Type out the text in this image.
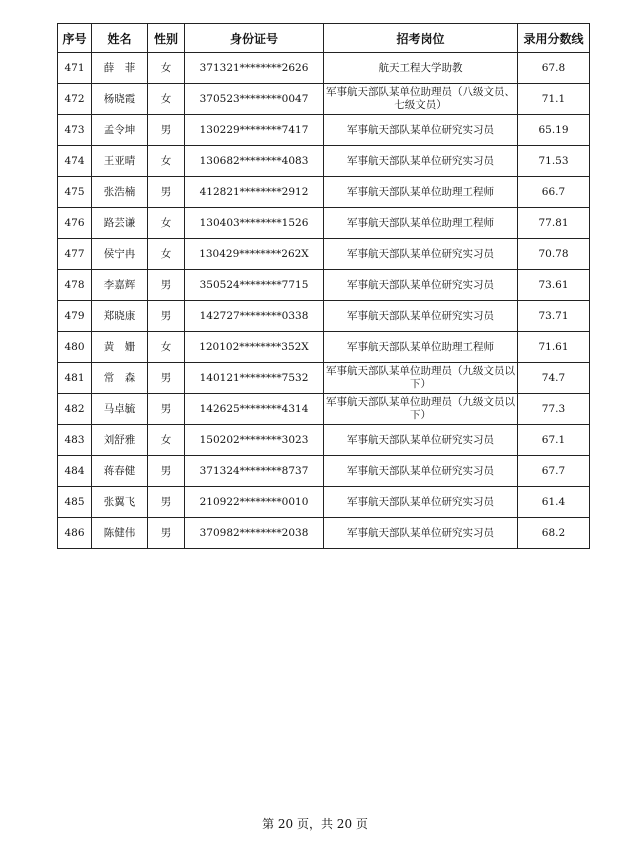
序号	姓名	性别	身份证号	招考岗位	录用分数线
471	薛　菲	女	371321********2626	航天工程大学助教	67.8
472	杨晓霞	女	370523********0047	军事航天部队某单位助理员（八级文员、七级文员）	71.1
473	孟令坤	男	130229********7417	军事航天部队某单位研究实习员	65.19
474	王亚晴	女	130682********4083	军事航天部队某单位研究实习员	71.53
475	张浩楠	男	412821********2912	军事航天部队某单位助理工程师	66.7
476	路芸谦	女	130403********1526	军事航天部队某单位助理工程师	77.81
477	侯宁冉	女	130429********262X	军事航天部队某单位研究实习员	70.78
478	李嘉辉	男	350524********7715	军事航天部队某单位研究实习员	73.61
479	郑晓康	男	142727********0338	军事航天部队某单位研究实习员	73.71
480	黄　姗	女	120102********352X	军事航天部队某单位助理工程师	71.61
481	常　森	男	140121********7532	军事航天部队某单位助理员（九级文员以下）	74.7
482	马卓毓	男	142625********4314	军事航天部队某单位助理员（九级文员以下）	77.3
483	刘舒雅	女	150202********3023	军事航天部队某单位研究实习员	67.1
484	蒋春健	男	371324********8737	军事航天部队某单位研究实习员	67.7
485	张翼飞	男	210922********0010	军事航天部队某单位研究实习员	61.4
486	陈健伟	男	370982********2038	军事航天部队某单位研究实习员	68.2
第 20 页，共 20 页
